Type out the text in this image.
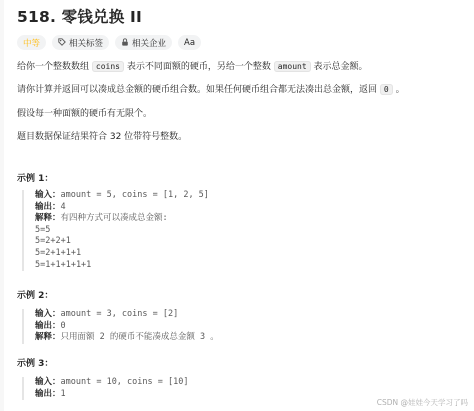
518. 零钱兑换 II
中等	相关标签	相关企业 Aa
给你一个整数数组 coins 表示不同面额的硬币，另给一个整数 amount 表示总金额。
请你计算并返回可以凑成总金额的硬币组合数。如果任何硬币组合都无法凑出总金额，返回 0 。
假设每一种面额的硬币有无限个。
题目数据保证结果符合 32 位带符号整数。
示例 1：
输入：amount = 5, coins = [1, 2, 5]
输出：4
解释：有四种方式可以凑成总金额:
5=5
5=2+2+1
5=2+1+1+1
5=1+1+1+1+1
示例 2：
输入：amount = 3, coins = [2]
输出：0
解释：只用面额 2 的硬币不能凑成总金额 3 。
示例 3：
输入：amount = 10, coins = [10]
输出：1
CSDN @娃娃今天学习了吗
